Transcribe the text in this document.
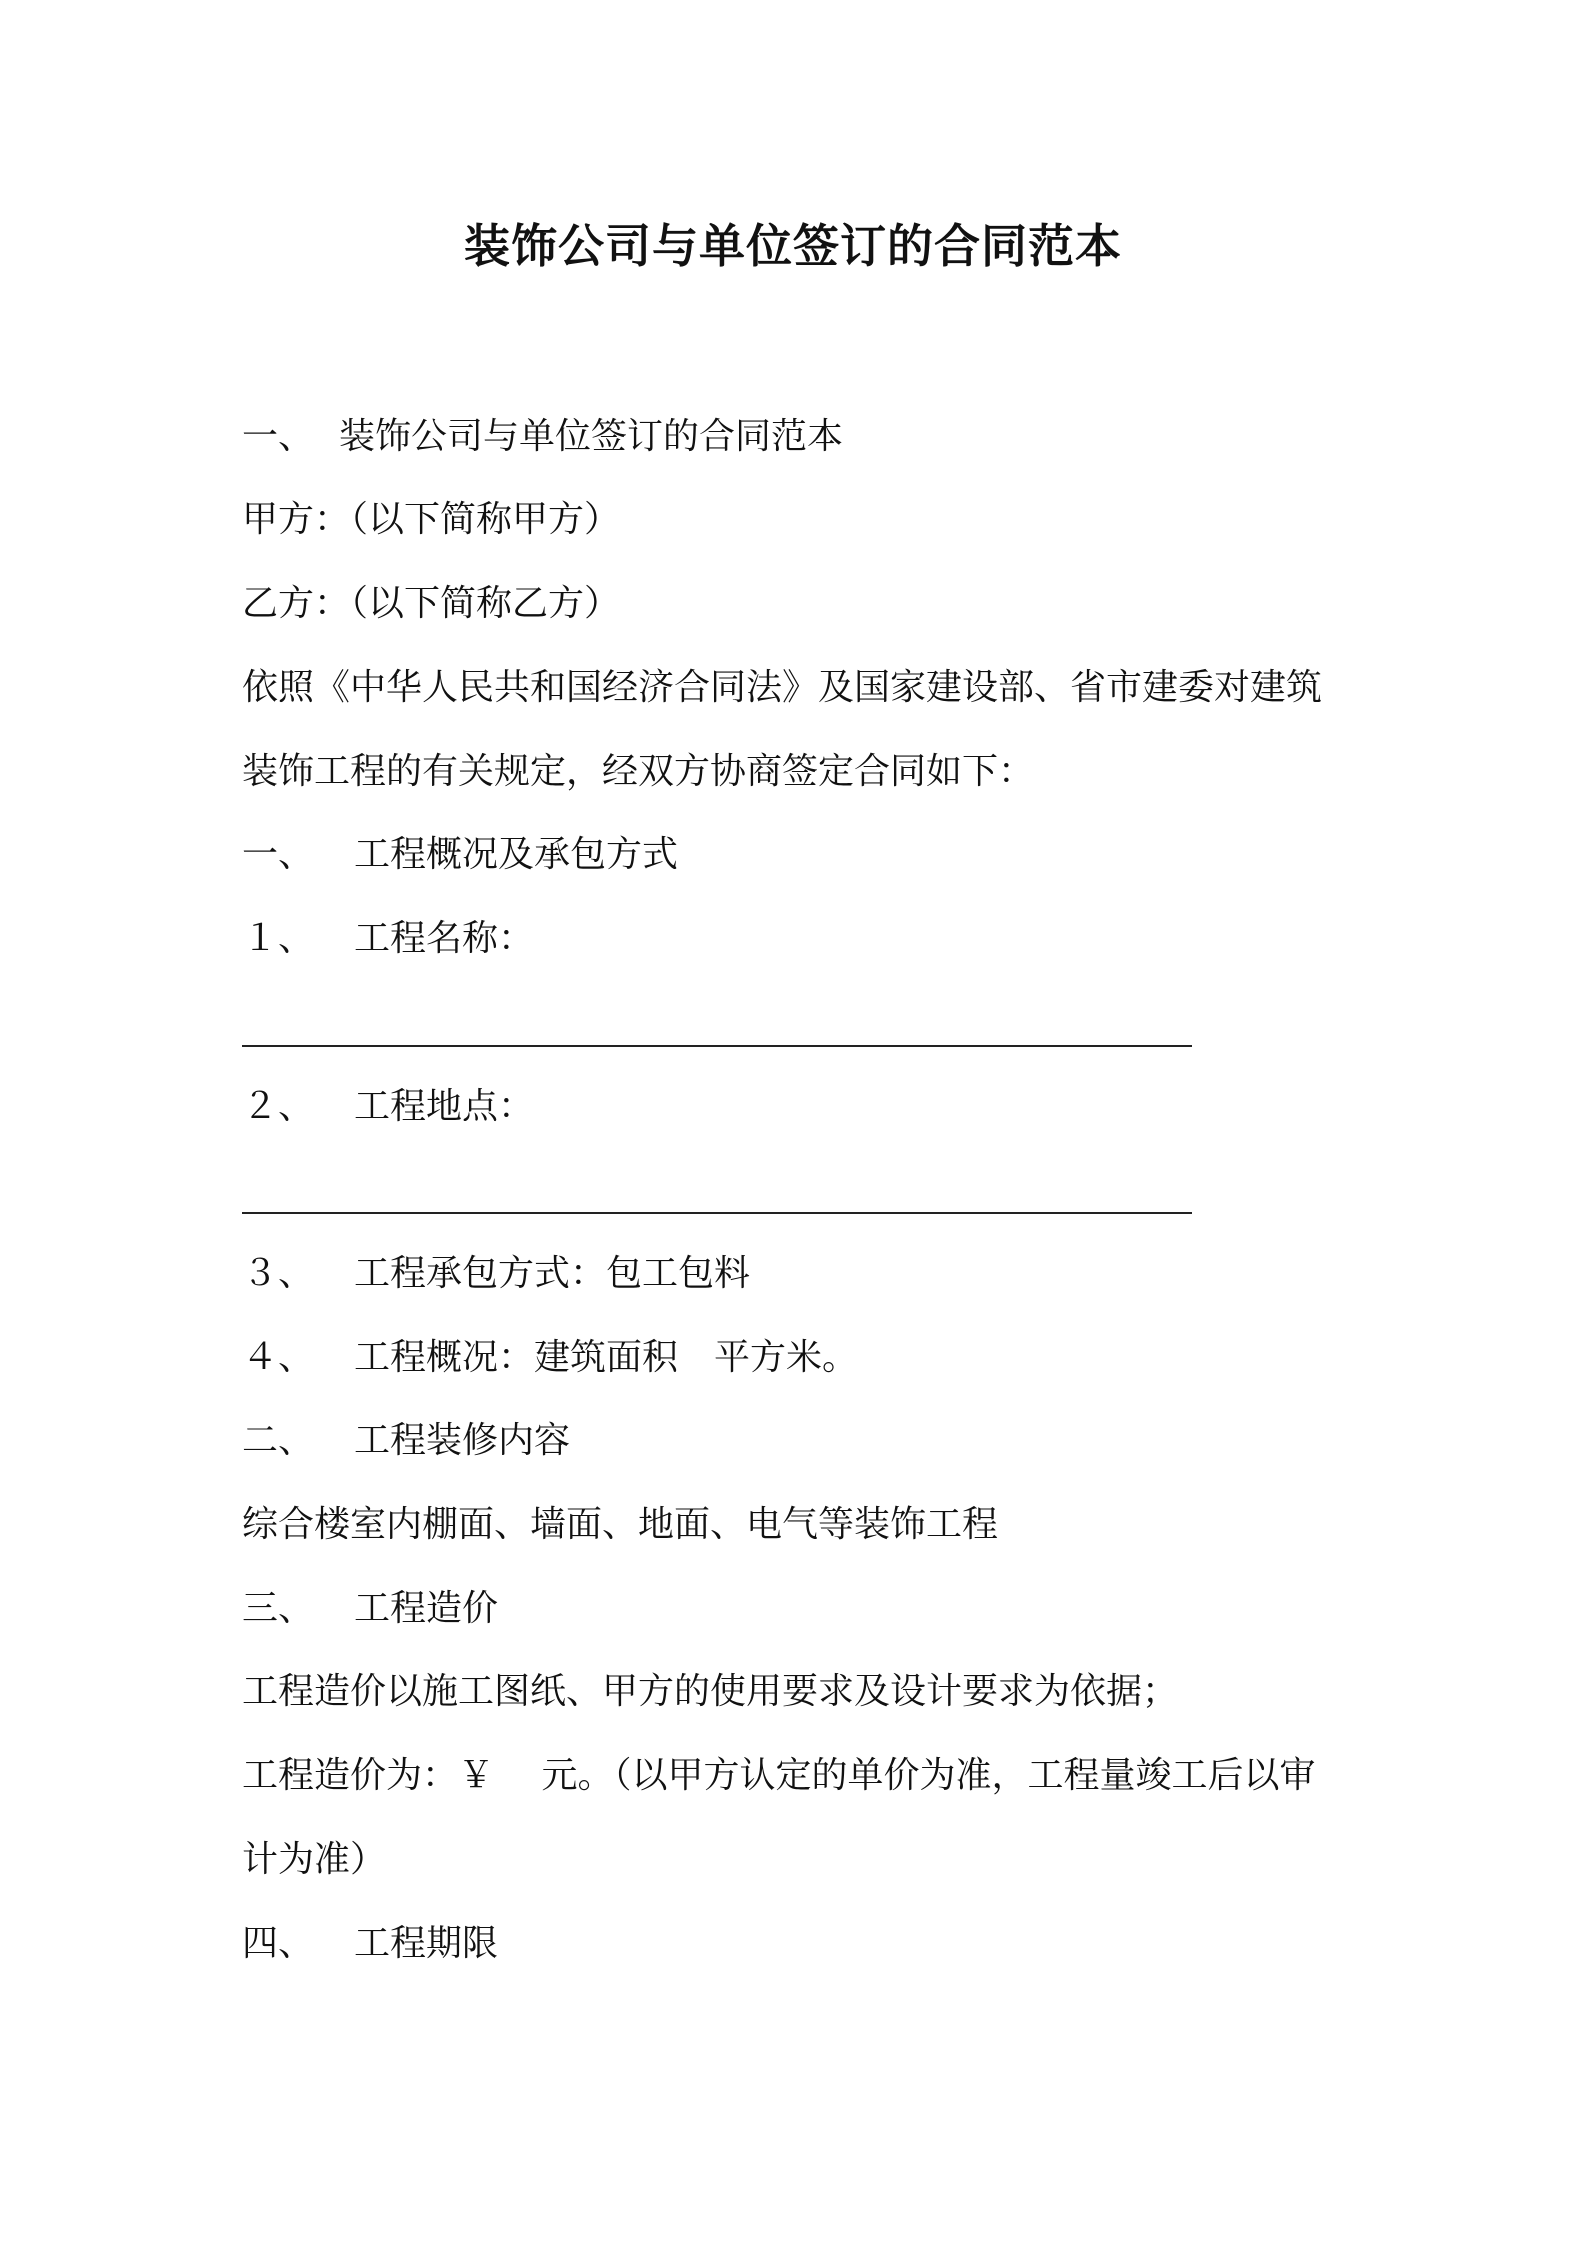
装饰公司与单位签订的合同范本
一、 装饰公司与单位签订的合同范本
甲方：（以下简称甲方）
乙方：（以下简称乙方）
依照《中华人民共和国经济合同法》及国家建设部、省市建委对建筑
装饰工程的有关规定，经双方协商签定合同如下：
一、 工程概况及承包方式
１、 工程名称：
２、 工程地点：
３、 工程承包方式：包工包料
４、 工程概况：建筑面积　平方米。
二、 工程装修内容
综合楼室内棚面、墙面、地面、电气等装饰工程
三、 工程造价
工程造价以施工图纸、甲方的使用要求及设计要求为依据；
工程造价为：￥　 元。（以甲方认定的单价为准，工程量竣工后以审
计为准）
四、 工程期限
